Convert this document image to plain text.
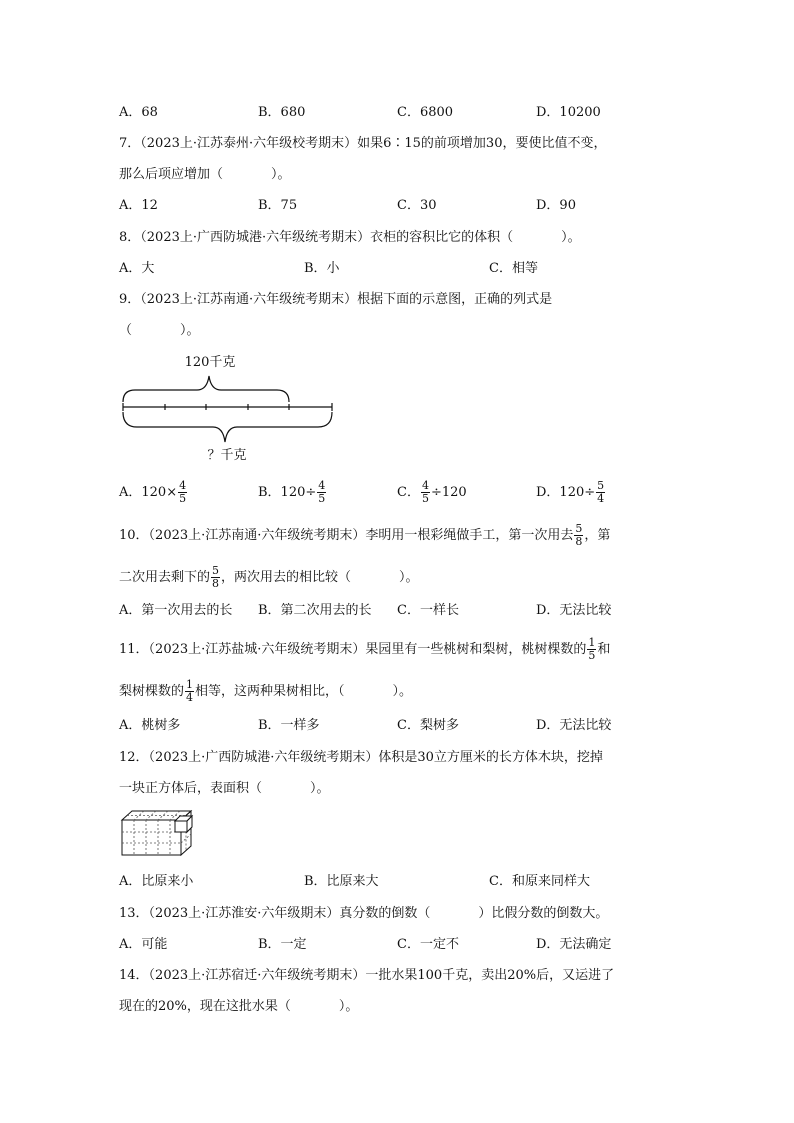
A．68	B．680	C．6800	D．10200
7．（2023上·江苏泰州·六年级校考期末）如果6∶15的前项增加30，要使比值不变，
那么后项应增加（	）。
A．12	B．75	C．30	D．90
8．（2023上·广西防城港·六年级统考期末）衣柜的容积比它的体积（	）。
A．大	B．小	C．相等
9．（2023上·江苏南通·六年级统考期末）根据下面的示意图，正确的列式是
（	）。
120千克
？千克
A．$120\times \frac{4}{5}$	B．$120\div \frac{4}{5}$	C． $\frac{4}{5} \div 120$	D．$120\div \frac{5}{4}$
10．（2023上·江苏南通·六年级统考期末）李明用一根彩绳做手工，第一次用去 $\frac{5}{8}$ ，第
二次用去剩下的 $\frac{5}{8}$ ，两次用去的相比较（	）。
A．第一次用去的长 B．第二次用去的长 C．一样长	D．无法比较
11．（2023上·江苏盐城·六年级统考期末）果园里有一些桃树和梨树，桃树棵数的 $\frac{1}{5}$ 和
梨树棵数的 $\frac{1}{4}$ 相等，这两种果树相比，（	）。
A．桃树多	B．一样多	C．梨树多	D．无法比较
12．（2023上·广西防城港·六年级统考期末）体积是30立方厘米的长方体木块，挖掉
一块正方体后，表面积（	）。
A．比原来小	B．比原来大	C．和原来同样大
13．（2023上·江苏淮安·六年级期末）真分数的倒数（	）比假分数的倒数大。
A．可能	B．一定	C．一定不	D．无法确定
14．（2023上·江苏宿迁·六年级统考期末）一批水果100千克，卖出20%后，又运进了
现在的20%，现在这批水果（	）。
